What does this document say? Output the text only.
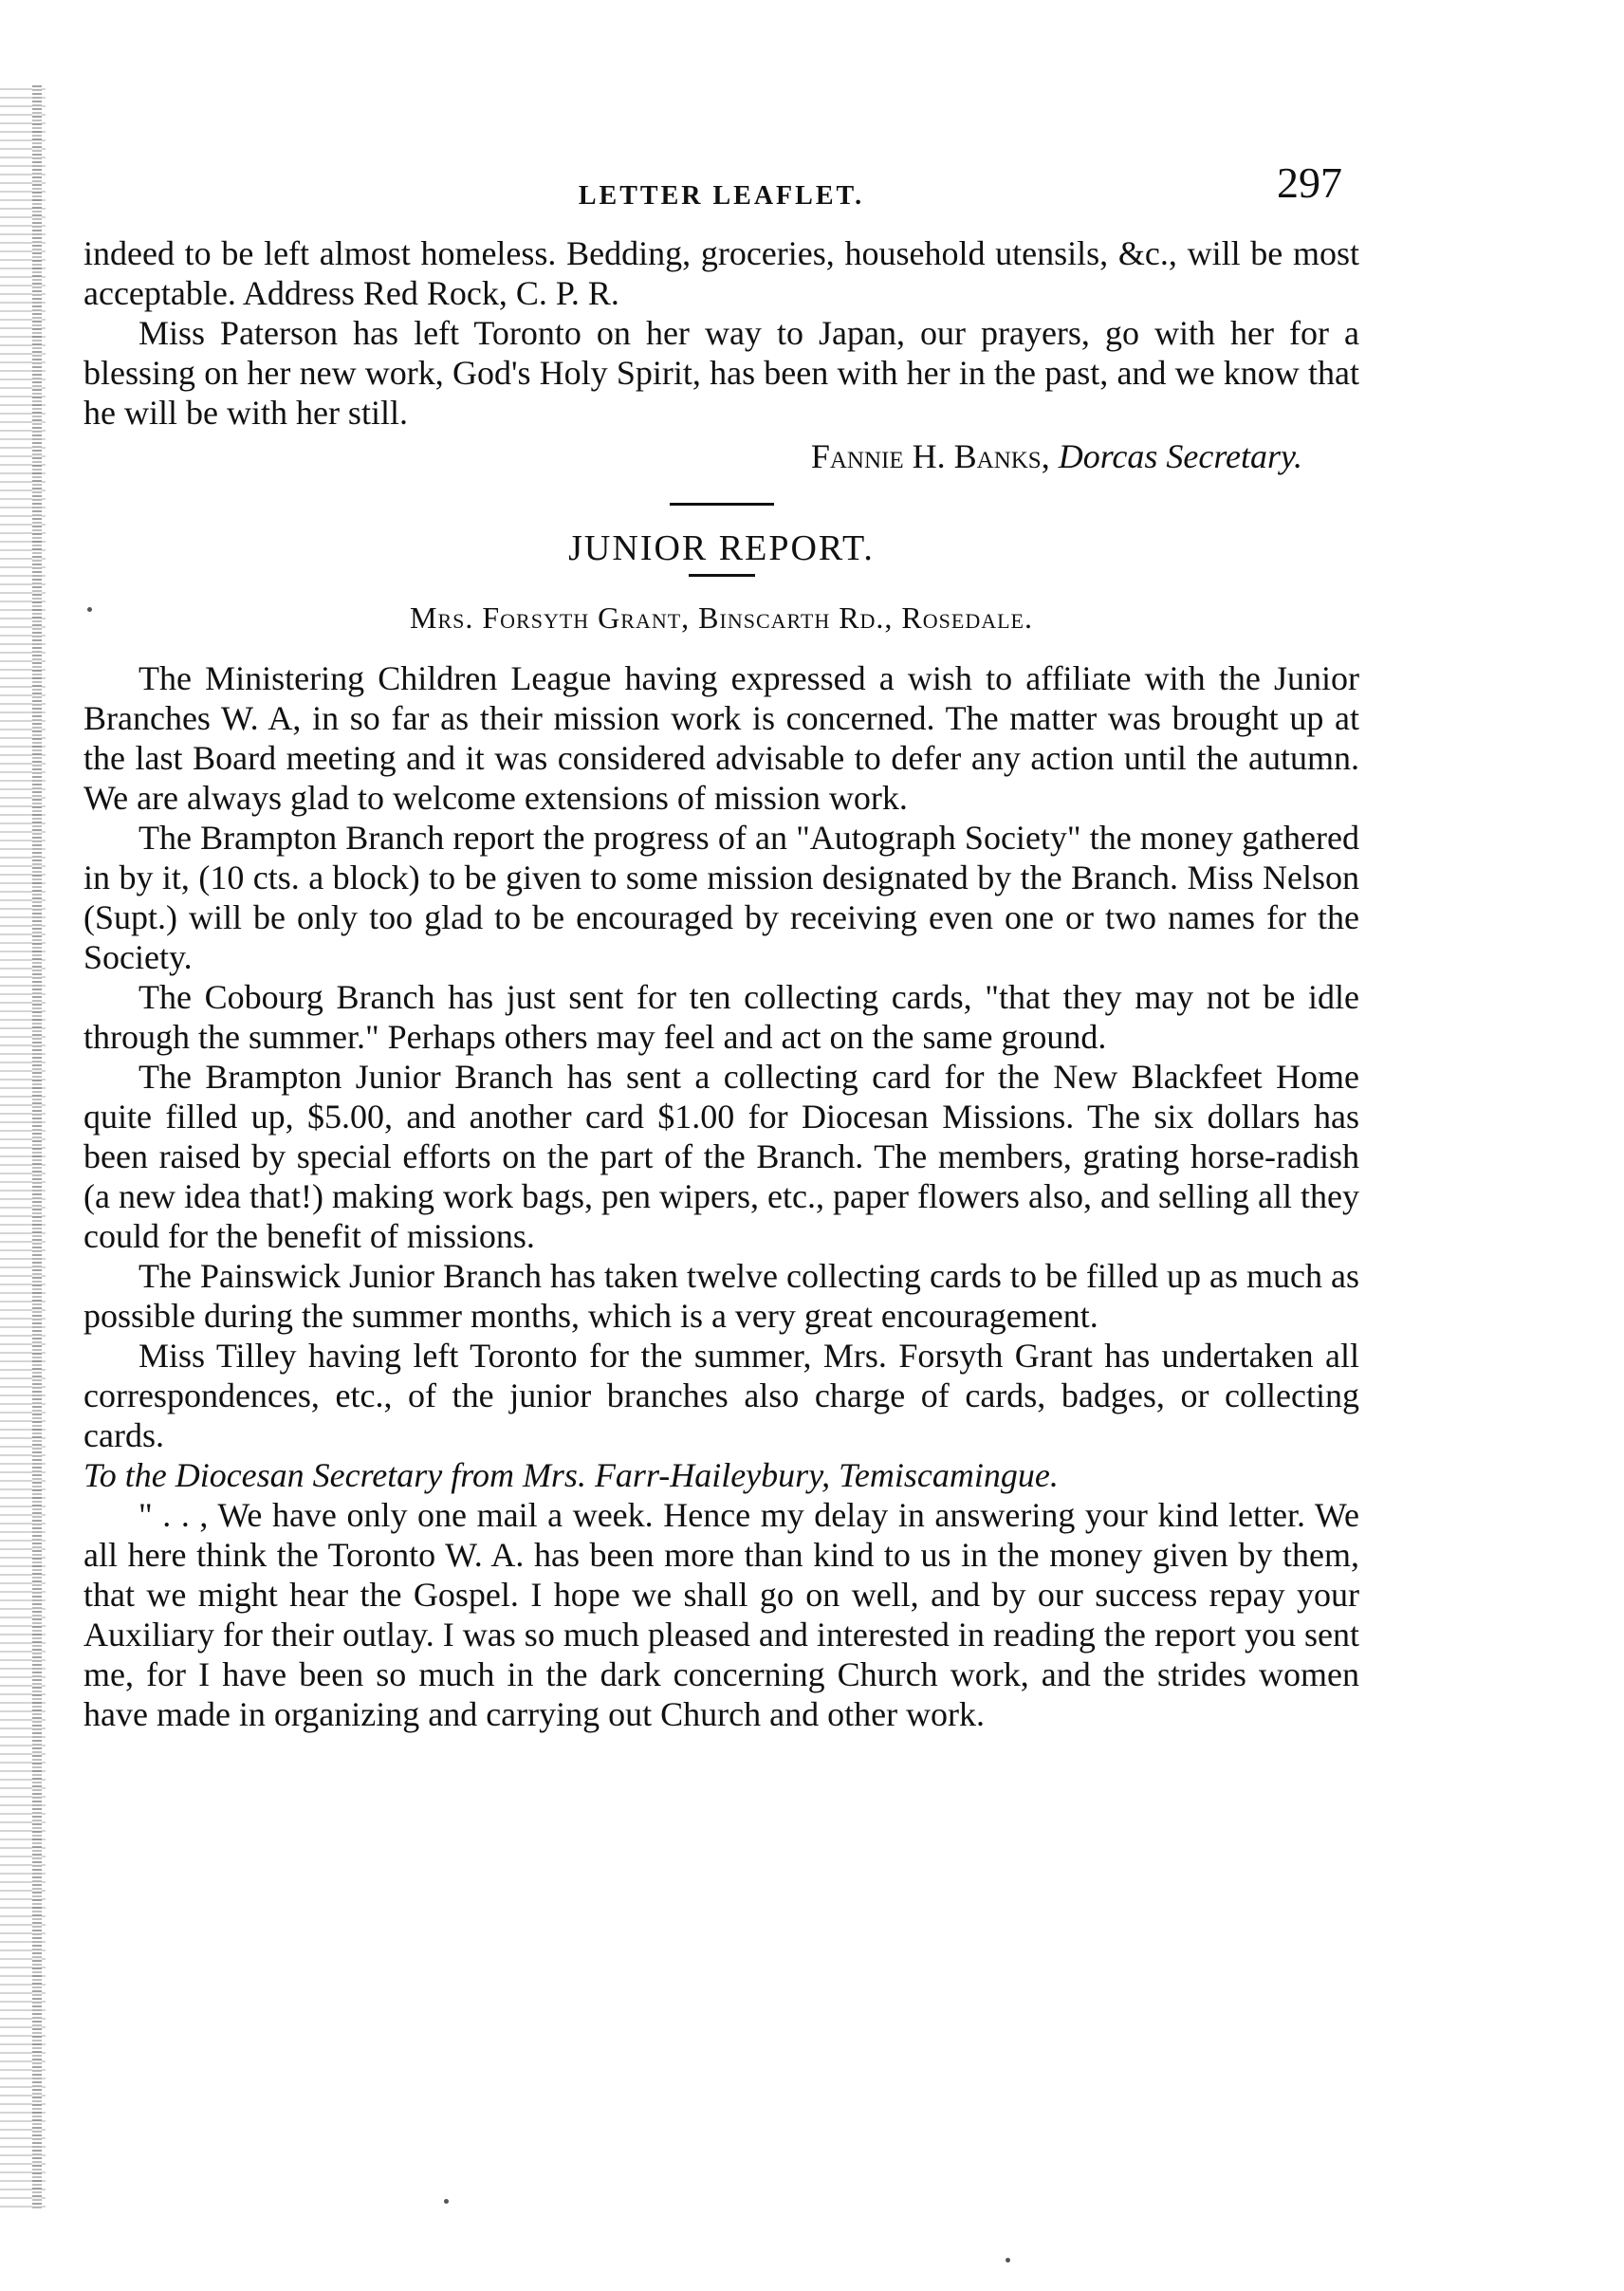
LETTER LEAFLET.	297

indeed to be left almost homeless. Bedding, groceries, household utensils, &c., will be most acceptable. Address Red Rock, C. P. R.

Miss Paterson has left Toronto on her way to Japan, our prayers, go with her for a blessing on her new work, God's Holy Spirit, has been with her in the past, and we know that he will be with her still.

Fannie H. Banks, Dorcas Secretary.
JUNIOR REPORT.
Mrs. Forsyth Grant, Binscarth Rd., Rosedale.

The Ministering Children League having expressed a wish to affiliate with the Junior Branches W. A, in so far as their mission work is concerned. The matter was brought up at the last Board meeting and it was considered advisable to defer any action until the autumn. We are always glad to welcome extensions of mission work.

The Brampton Branch report the progress of an "Autograph Society" the money gathered in by it, (10 cts. a block) to be given to some mission designated by the Branch. Miss Nelson (Supt.) will be only too glad to be encouraged by receiving even one or two names for the Society.

The Cobourg Branch has just sent for ten collecting cards, "that they may not be idle through the summer." Perhaps others may feel and act on the same ground.

The Brampton Junior Branch has sent a collecting card for the New Blackfeet Home quite filled up, $5.00, and another card $1.00 for Diocesan Missions. The six dollars has been raised by special efforts on the part of the Branch. The members, grating horse-radish (a new idea that!) making work bags, pen wipers, etc., paper flowers also, and selling all they could for the benefit of missions.

The Painswick Junior Branch has taken twelve collecting cards to be filled up as much as possible during the summer months, which is a very great encouragement.

Miss Tilley having left Toronto for the summer, Mrs. Forsyth Grant has undertaken all correspondences, etc., of the junior branches also charge of cards, badges, or collecting cards.

To the Diocesan Secretary from Mrs. Farr-Haileybury, Temiscamingue.

" . . , We have only one mail a week. Hence my delay in answering your kind letter. We all here think the Toronto W. A. has been more than kind to us in the money given by them, that we might hear the Gospel. I hope we shall go on well, and by our success repay your Auxiliary for their outlay. I was so much pleased and interested in reading the report you sent me, for I have been so much in the dark concerning Church work, and the strides women have made in organizing and carrying out Church and other work.
